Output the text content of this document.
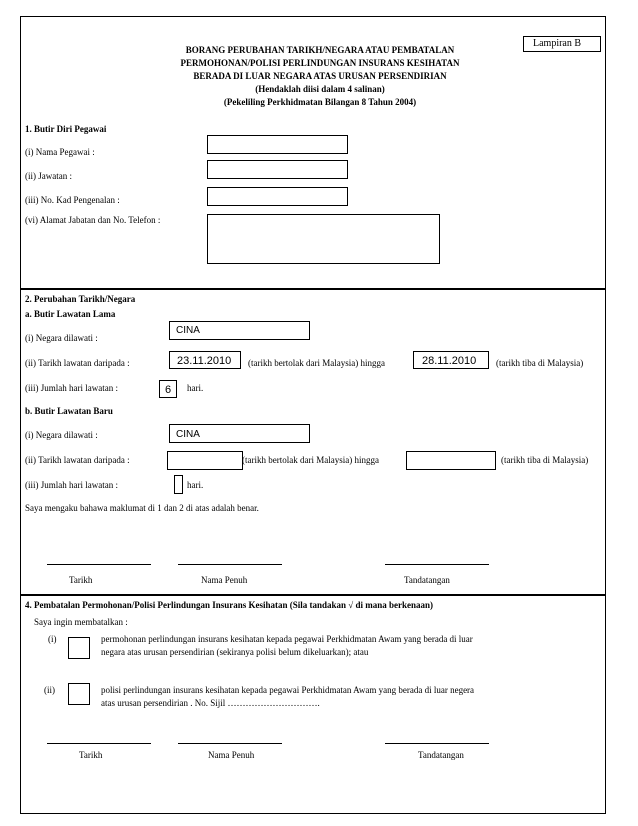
Lampiran B
BORANG PERUBAHAN TARIKH/NEGARA ATAU PEMBATALAN
PERMOHONAN/POLISI PERLINDUNGAN INSURANS KESIHATAN
BERADA DI LUAR NEGARA ATAS URUSAN PERSENDIRIAN
(Hendaklah diisi dalam 4 salinan)
(Pekeliling Perkhidmatan Bilangan 8 Tahun 2004)
1. Butir Diri Pegawai
(i) Nama Pegawai :
(ii) Jawatan :
(iii) No. Kad Pengenalan :
(vi) Alamat Jabatan dan No. Telefon :
2. Perubahan Tarikh/Negara
a. Butir Lawatan Lama
(i) Negara dilawati :
CINA
(ii) Tarikh lawatan daripada :	23.11.2010 (tarikh bertolak dari Malaysia) hingga	28.11.2010 (tarikh tiba di Malaysia)
(iii) Jumlah hari lawatan :	6 hari.
b. Butir Lawatan Baru
(i) Negara dilawati :	CINA
(ii) Tarikh lawatan daripada :	(tarikh bertolak dari Malaysia) hingga	(tarikh tiba di Malaysia)
(iii) Jumlah hari lawatan :	hari.
Saya mengaku bahawa maklumat di 1 dan 2 di atas adalah benar.
Tarikh	Nama Penuh	Tandatangan
4. Pembatalan Permohonan/Polisi Perlindungan Insurans Kesihatan (Sila tandakan √ di mana berkenaan)
Saya ingin membatalkan :
(i)	permohonan perlindungan insurans kesihatan kepada pegawai Perkhidmatan Awam yang berada di luar
negara atas urusan persendirian (sekiranya polisi belum dikeluarkan); atau
(ii)	polisi perlindungan insurans kesihatan kepada pegawai Perkhidmatan Awam yang berada di luar negera
atas urusan persendirian . No. Sijil ………………………….
Tarikh	Nama Penuh	Tandatangan
